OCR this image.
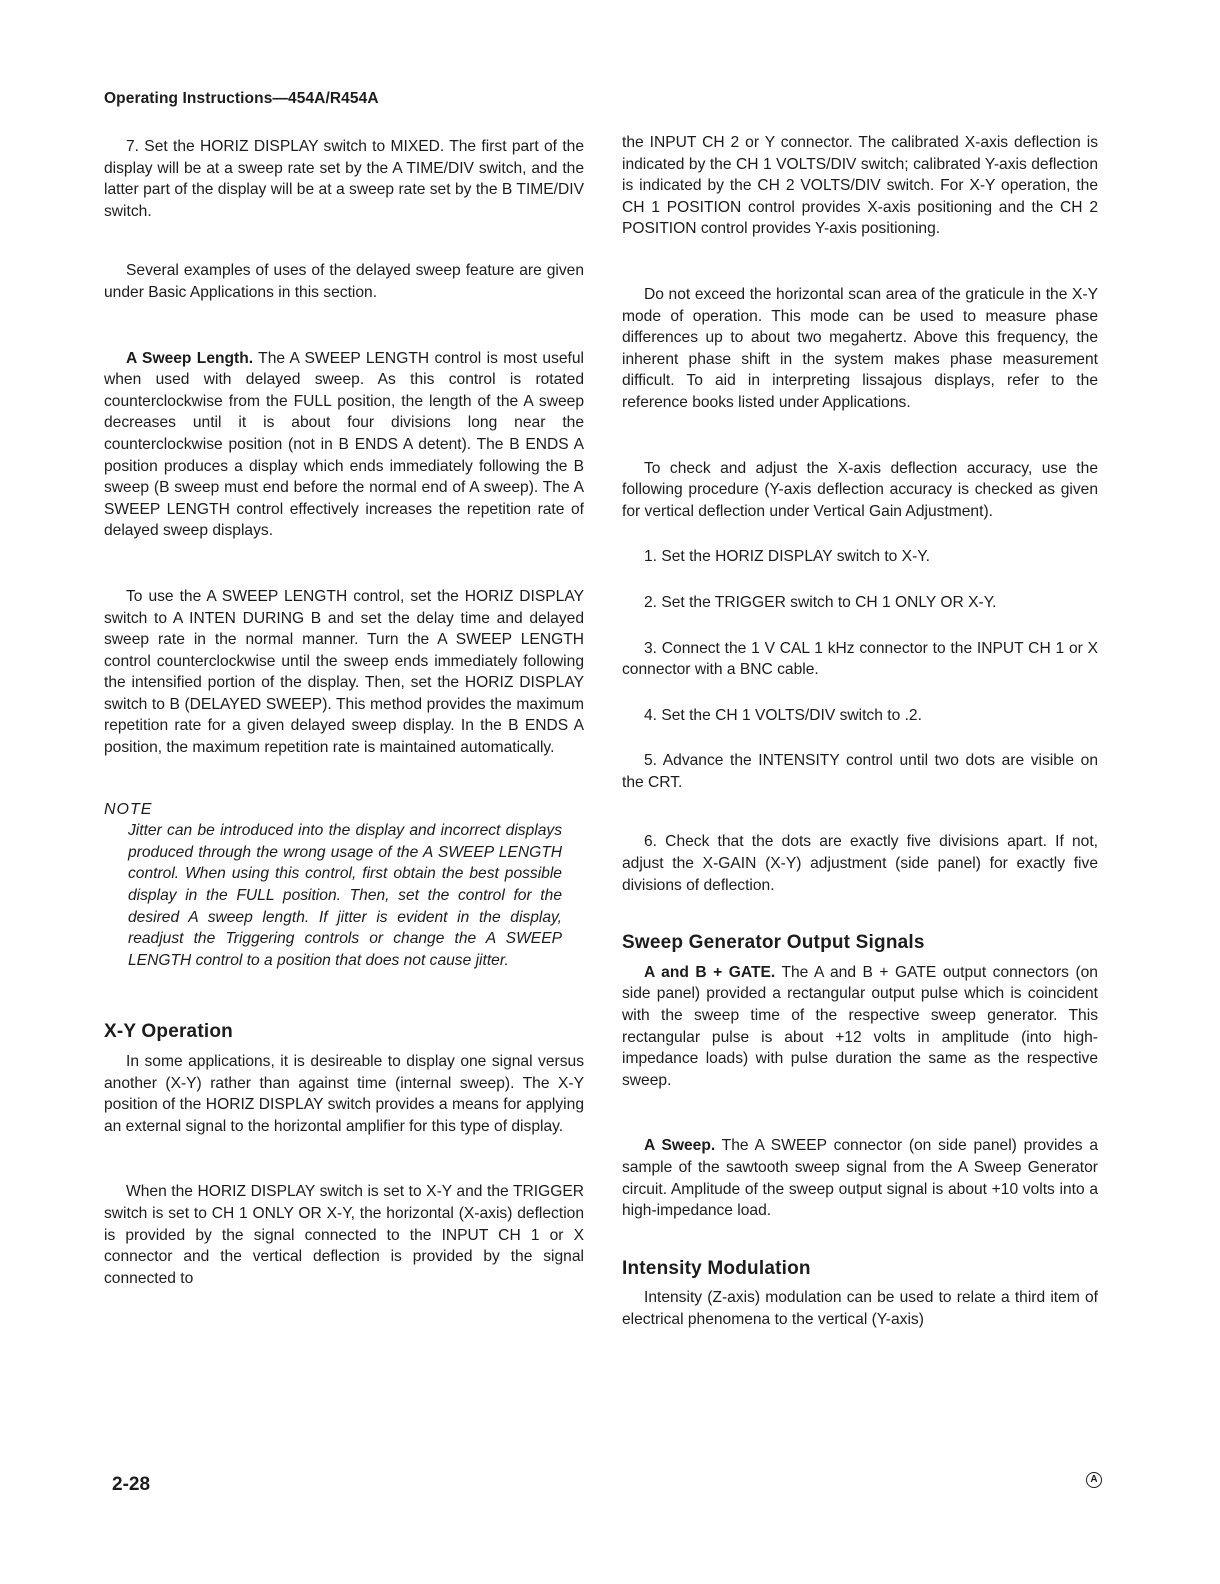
Operating Instructions—454A/R454A

7. Set the HORIZ DISPLAY switch to MIXED. The first part of the display will be at a sweep rate set by the A TIME/DIV switch, and the latter part of the display will be at a sweep rate set by the B TIME/DIV switch.

Several examples of uses of the delayed sweep feature are given under Basic Applications in this section.

A Sweep Length. The A SWEEP LENGTH control is most useful when used with delayed sweep. As this control is rotated counterclockwise from the FULL position, the length of the A sweep decreases until it is about four divisions long near the counterclockwise position (not in B ENDS A detent). The B ENDS A position produces a display which ends immediately following the B sweep (B sweep must end before the normal end of A sweep). The A SWEEP LENGTH control effectively increases the repetition rate of delayed sweep displays.

To use the A SWEEP LENGTH control, set the HORIZ DISPLAY switch to A INTEN DURING B and set the delay time and delayed sweep rate in the normal manner. Turn the A SWEEP LENGTH control counterclockwise until the sweep ends immediately following the intensified portion of the display. Then, set the HORIZ DISPLAY switch to B (DELAYED SWEEP). This method provides the maximum repetition rate for a given delayed sweep display. In the B ENDS A position, the maximum repetition rate is maintained automatically.

NOTE

Jitter can be introduced into the display and incorrect displays produced through the wrong usage of the A SWEEP LENGTH control. When using this control, first obtain the best possible display in the FULL position. Then, set the control for the desired A sweep length. If jitter is evident in the display, readjust the Triggering controls or change the A SWEEP LENGTH control to a position that does not cause jitter.

X-Y Operation

In some applications, it is desireable to display one signal versus another (X-Y) rather than against time (internal sweep). The X-Y position of the HORIZ DISPLAY switch provides a means for applying an external signal to the horizontal amplifier for this type of display.

When the HORIZ DISPLAY switch is set to X-Y and the TRIGGER switch is set to CH 1 ONLY OR X-Y, the horizontal (X-axis) deflection is provided by the signal connected to the INPUT CH 1 or X connector and the vertical deflection is provided by the signal connected to

the INPUT CH 2 or Y connector. The calibrated X-axis deflection is indicated by the CH 1 VOLTS/DIV switch; calibrated Y-axis deflection is indicated by the CH 2 VOLTS/DIV switch. For X-Y operation, the CH 1 POSITION control provides X-axis positioning and the CH 2 POSITION control provides Y-axis positioning.

Do not exceed the horizontal scan area of the graticule in the X-Y mode of operation. This mode can be used to measure phase differences up to about two megahertz. Above this frequency, the inherent phase shift in the system makes phase measurement difficult. To aid in interpreting lissajous displays, refer to the reference books listed under Applications.

To check and adjust the X-axis deflection accuracy, use the following procedure (Y-axis deflection accuracy is checked as given for vertical deflection under Vertical Gain Adjustment).

1. Set the HORIZ DISPLAY switch to X-Y.

2. Set the TRIGGER switch to CH 1 ONLY OR X-Y.

3. Connect the 1 V CAL 1 kHz connector to the INPUT CH 1 or X connector with a BNC cable.

4. Set the CH 1 VOLTS/DIV switch to .2.

5. Advance the INTENSITY control until two dots are visible on the CRT.

6. Check that the dots are exactly five divisions apart. If not, adjust the X-GAIN (X-Y) adjustment (side panel) for exactly five divisions of deflection.

Sweep Generator Output Signals

A and B + GATE. The A and B + GATE output connectors (on side panel) provided a rectangular output pulse which is coincident with the sweep time of the respective sweep generator. This rectangular pulse is about +12 volts in amplitude (into high-impedance loads) with pulse duration the same as the respective sweep.

A Sweep. The A SWEEP connector (on side panel) provides a sample of the sawtooth sweep signal from the A Sweep Generator circuit. Amplitude of the sweep output signal is about +10 volts into a high-impedance load.

Intensity Modulation

Intensity (Z-axis) modulation can be used to relate a third item of electrical phenomena to the vertical (Y-axis)

2-28	A
